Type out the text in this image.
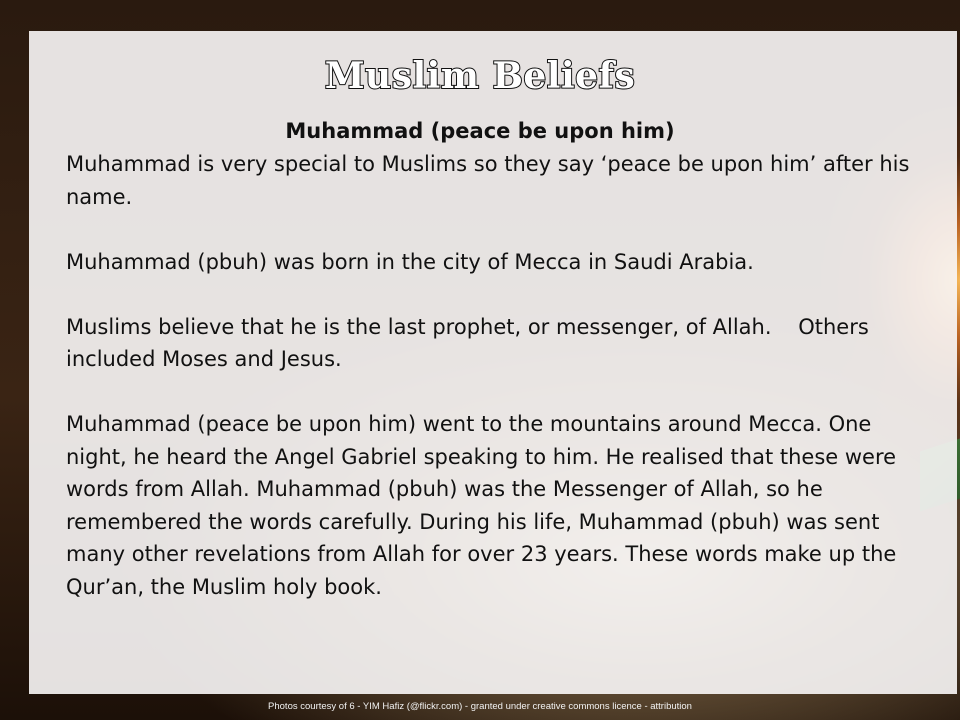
Muslim Beliefs
Muhammad (peace be upon him)

Muhammad is very special to Muslims so they say ‘peace be upon him’ after his name.

Muhammad (pbuh) was born in the city of Mecca in Saudi Arabia.

Muslims believe that he is the last prophet, or messenger, of Allah.    Others included Moses and Jesus.

Muhammad (peace be upon him) went to the mountains around Mecca. One night, he heard the Angel Gabriel speaking to him. He realised that these were words from Allah. Muhammad (pbuh) was the Messenger of Allah, so he remembered the words carefully. During his life, Muhammad (pbuh) was sent many other revelations from Allah for over 23 years. These words make up the Qur’an, the Muslim holy book.

Photos courtesy of 6 - YIM Hafiz (@flickr.com) - granted under creative commons licence - attribution
